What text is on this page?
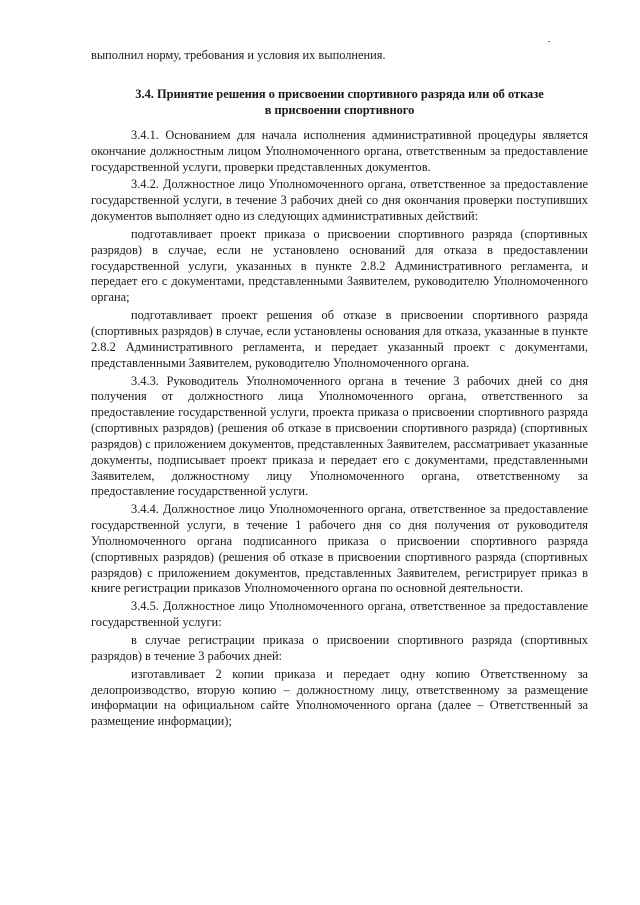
выполнил норму, требования и условия их выполнения.

3.4. Принятие решения о присвоении спортивного разряда или об отказе
в присвоении спортивного

3.4.1. Основанием для начала исполнения административной процедуры является окончание должностным лицом Уполномоченного органа, ответственным за предоставление государственной услуги, проверки представленных документов.

3.4.2. Должностное лицо Уполномоченного органа, ответственное за предоставление государственной услуги, в течение 3 рабочих дней со дня окончания проверки поступивших документов выполняет одно из следующих административных действий:

подготавливает проект приказа о присвоении спортивного разряда (спортивных разрядов) в случае, если не установлено оснований для отказа в предоставлении государственной услуги, указанных в пункте 2.8.2 Административного регламента, и передает его с документами, представленными Заявителем, руководителю Уполномоченного органа;

подготавливает проект решения об отказе в присвоении спортивного разряда (спортивных разрядов) в случае, если установлены основания для отказа, указанные в пункте 2.8.2 Административного регламента, и передает указанный проект с документами, представленными Заявителем, руководителю Уполномоченного органа.

3.4.3. Руководитель Уполномоченного органа в течение 3 рабочих дней со дня получения от должностного лица Уполномоченного органа, ответственного за предоставление государственной услуги, проекта приказа о присвоении спортивного разряда (спортивных разрядов) (решения об отказе в присвоении спортивного разряда) (спортивных разрядов) с приложением документов, представленных Заявителем, рассматривает указанные документы, подписывает проект приказа и передает его с документами, представленными Заявителем, должностному лицу Уполномоченного органа, ответственному за предоставление государственной услуги.

3.4.4. Должностное лицо Уполномоченного органа, ответственное за предоставление государственной услуги, в течение 1 рабочего дня со дня получения от руководителя Уполномоченного органа подписанного приказа о присвоении спортивного разряда (спортивных разрядов) (решения об отказе в присвоении спортивного разряда (спортивных разрядов) с приложением документов, представленных Заявителем, регистрирует приказ в книге регистрации приказов Уполномоченного органа по основной деятельности.

3.4.5. Должностное лицо Уполномоченного органа, ответственное за предоставление государственной услуги:

в случае регистрации приказа о присвоении спортивного разряда (спортивных разрядов) в течение 3 рабочих дней:

изготавливает 2 копии приказа и передает одну копию Ответственному за делопроизводство, вторую копию – должностному лицу, ответственному за размещение информации на официальном сайте Уполномоченного органа (далее – Ответственный за размещение информации);
